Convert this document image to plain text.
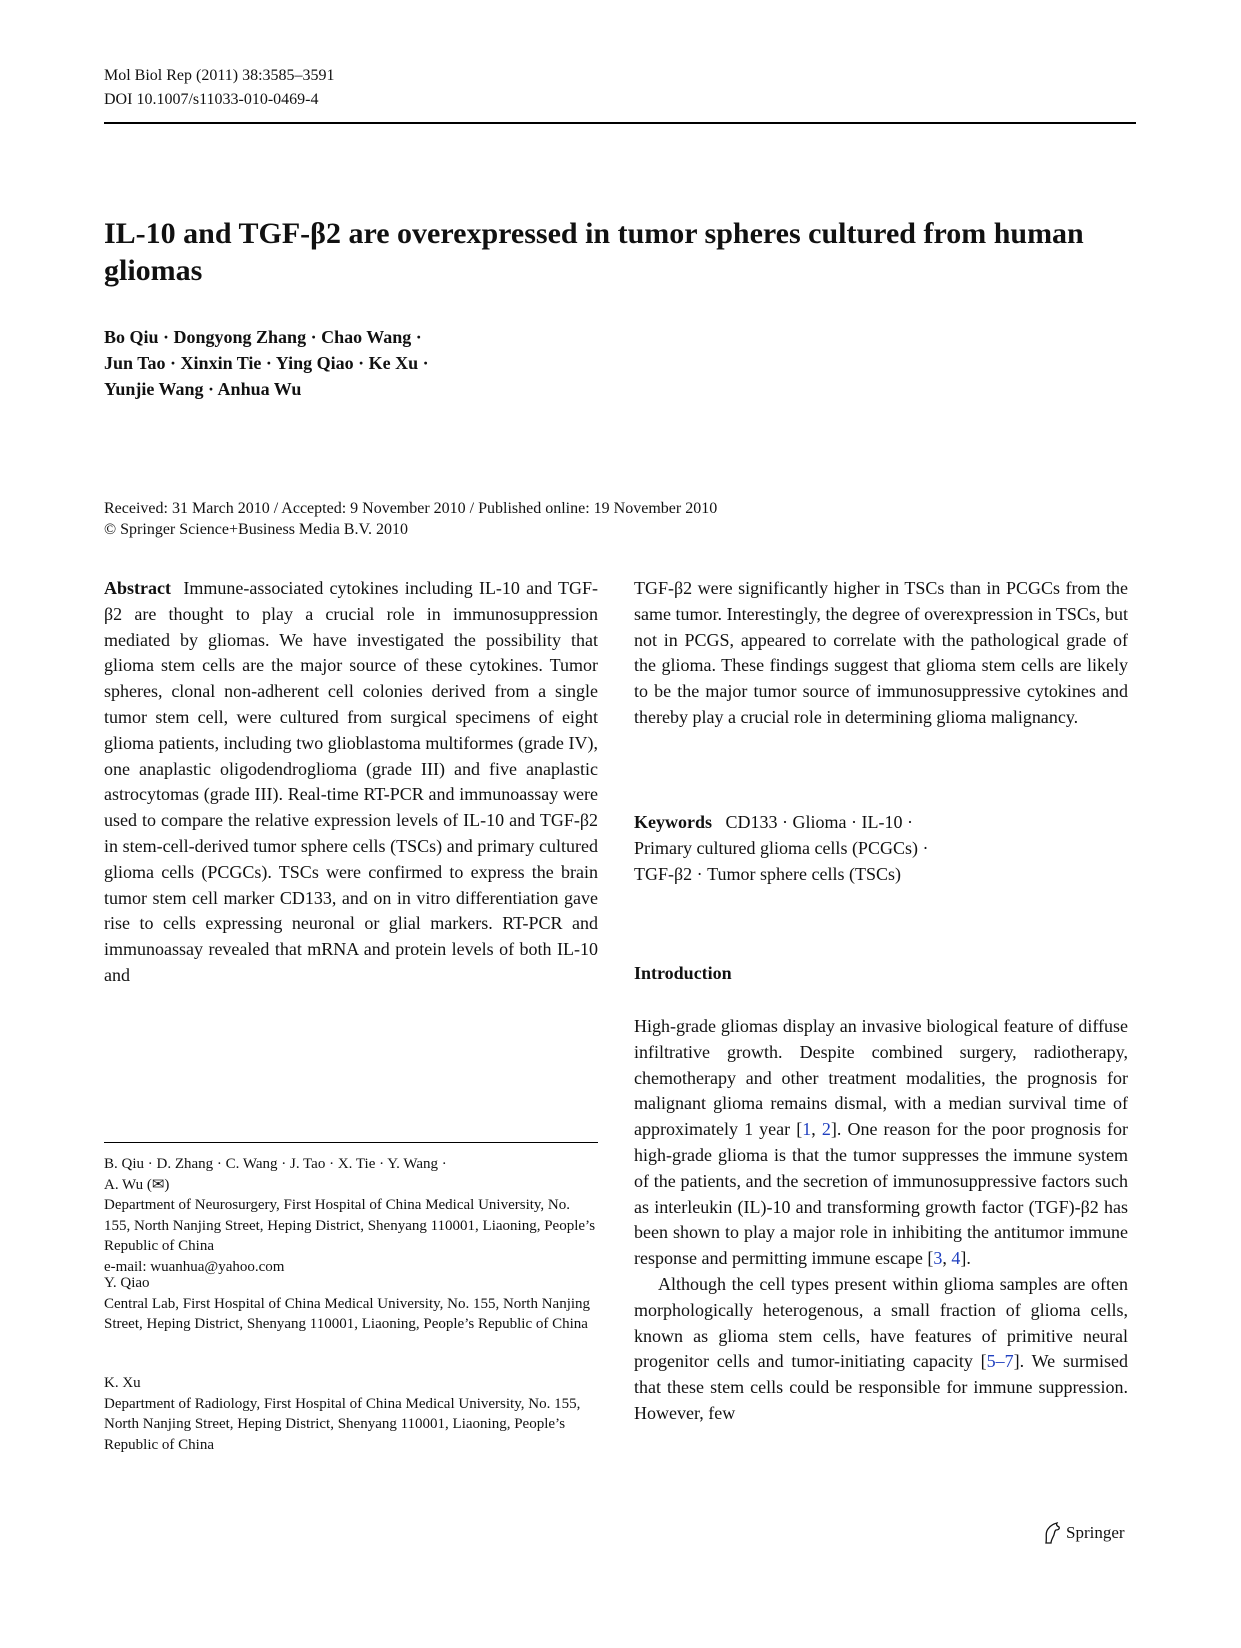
Mol Biol Rep (2011) 38:3585–3591
DOI 10.1007/s11033-010-0469-4
IL-10 and TGF-β2 are overexpressed in tumor spheres cultured from human gliomas
Bo Qiu · Dongyong Zhang · Chao Wang ·
Jun Tao · Xinxin Tie · Ying Qiao · Ke Xu ·
Yunjie Wang · Anhua Wu
Received: 31 March 2010 / Accepted: 9 November 2010 / Published online: 19 November 2010
© Springer Science+Business Media B.V. 2010

Abstract Immune-associated cytokines including IL-10 and TGF-β2 are thought to play a crucial role in immunosuppression mediated by gliomas. We have investigated the possibility that glioma stem cells are the major source of these cytokines. Tumor spheres, clonal non-adherent cell colonies derived from a single tumor stem cell, were cultured from surgical specimens of eight glioma patients, including two glioblastoma multiformes (grade IV), one anaplastic oligodendroglioma (grade III) and five anaplastic astrocytomas (grade III). Real-time RT-PCR and immunoassay were used to compare the relative expression levels of IL-10 and TGF-β2 in stem-cell-derived tumor sphere cells (TSCs) and primary cultured glioma cells (PCGCs). TSCs were confirmed to express the brain tumor stem cell marker CD133, and on in vitro differentiation gave rise to cells expressing neuronal or glial markers. RT-PCR and immunoassay revealed that mRNA and protein levels of both IL-10 and

TGF-β2 were significantly higher in TSCs than in PCGCs from the same tumor. Interestingly, the degree of overexpression in TSCs, but not in PCGS, appeared to correlate with the pathological grade of the glioma. These findings suggest that glioma stem cells are likely to be the major tumor source of immunosuppressive cytokines and thereby play a crucial role in determining glioma malignancy.

Keywords CD133 · Glioma · IL-10 ·
Primary cultured glioma cells (PCGCs) ·
TGF-β2 · Tumor sphere cells (TSCs)
Introduction

High-grade gliomas display an invasive biological feature of diffuse infiltrative growth. Despite combined surgery, radiotherapy, chemotherapy and other treatment modalities, the prognosis for malignant glioma remains dismal, with a median survival time of approximately 1 year [1, 2]. One reason for the poor prognosis for high-grade glioma is that the tumor suppresses the immune system of the patients, and the secretion of immunosuppressive factors such as interleukin (IL)-10 and transforming growth factor (TGF)-β2 has been shown to play a major role in inhibiting the antitumor immune response and permitting immune escape [3, 4].

Although the cell types present within glioma samples are often morphologically heterogenous, a small fraction of glioma cells, known as glioma stem cells, have features of primitive neural progenitor cells and tumor-initiating capacity [5–7]. We surmised that these stem cells could be responsible for immune suppression. However, few

B. Qiu · D. Zhang · C. Wang · J. Tao · X. Tie · Y. Wang ·

A. Wu (✉)

Department of Neurosurgery, First Hospital of China Medical University, No. 155, North Nanjing Street, Heping District, Shenyang 110001, Liaoning, People’s Republic of China

e-mail: wuanhua@yahoo.com

Y. Qiao

Central Lab, First Hospital of China Medical University, No. 155, North Nanjing Street, Heping District, Shenyang 110001, Liaoning, People’s Republic of China

K. Xu

Department of Radiology, First Hospital of China Medical University, No. 155, North Nanjing Street, Heping District, Shenyang 110001, Liaoning, People’s Republic of China

Springer
